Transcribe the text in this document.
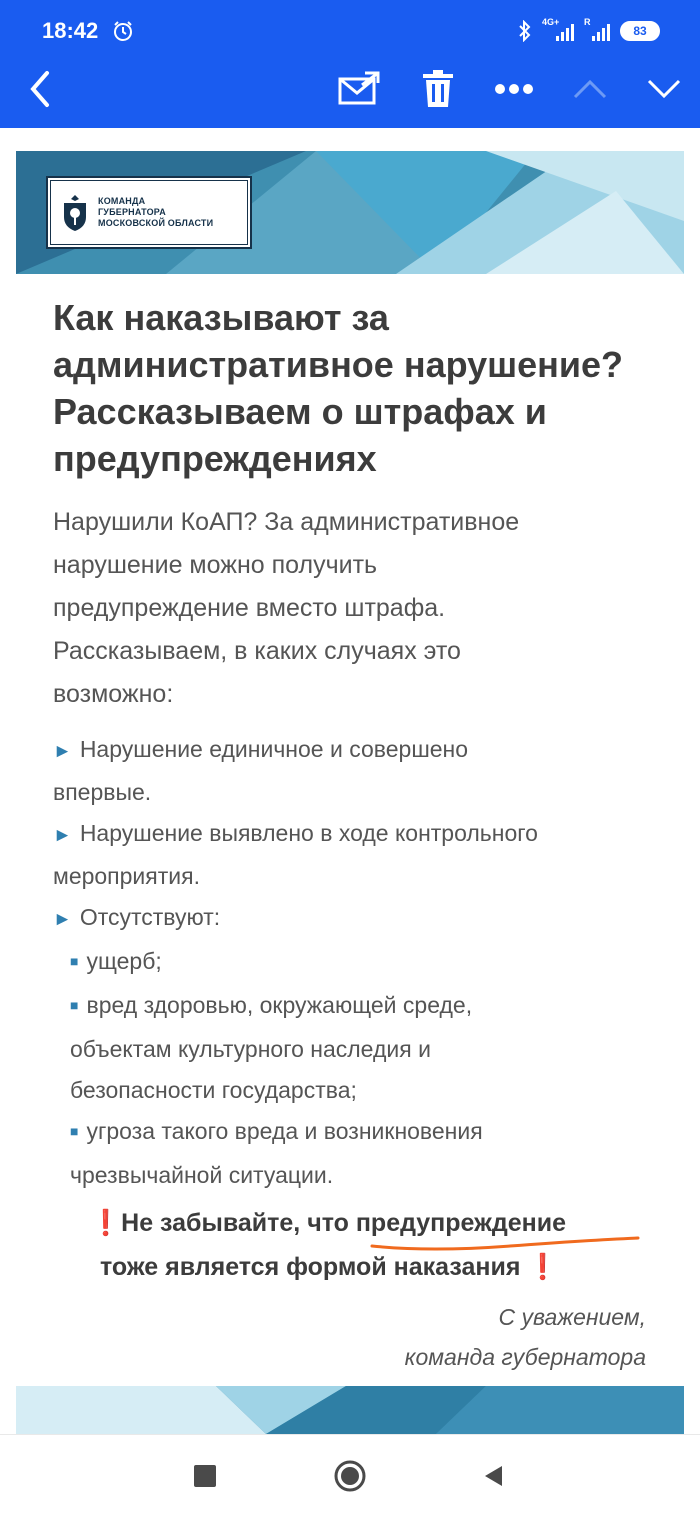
18:42	4G+	R
83
КОМАНДА
ГУБЕРНАТОРА
МОСКОВСКОЙ ОБЛАСТИ
Как наказывают за
административное нарушение?
Рассказываем о штрафах и
предупреждениях
Нарушили КоАП? За административное
нарушение можно получить
предупреждение вместо штрафа.
Рассказываем, в каких случаях это
возможно:
► Нарушение единичное и совершено
впервые.
► Нарушение выявлено в ходе контрольного
мероприятия.
► Отсутствуют:
■ ущерб;
■ вред здоровью, окружающей среде,
объектам культурного наследия и
безопасности государства;
■ угроза такого вреда и возникновения
чрезвычайной ситуации.
❗Не забывайте, что предупреждение
тоже является формой наказания ❗
С уважением,
команда губернатора
